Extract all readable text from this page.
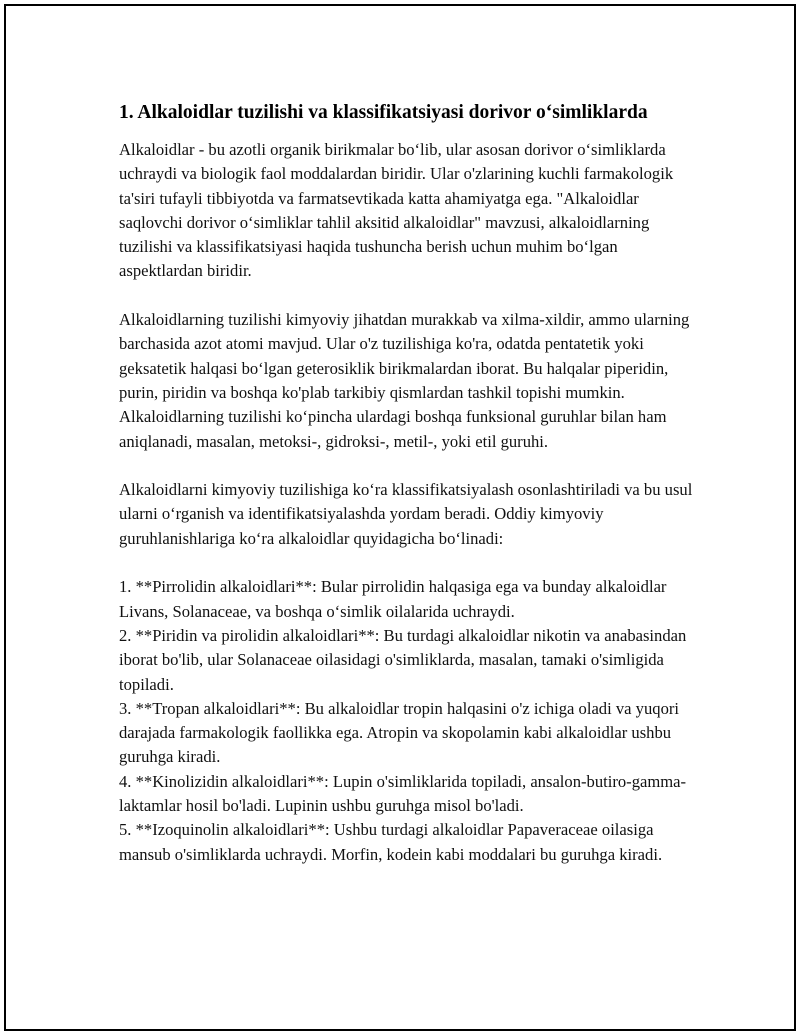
1. Alkaloidlar tuzilishi va klassifikatsiyasi dorivor o‘simliklarda

Alkaloidlar - bu azotli organik birikmalar bo‘lib, ular asosan dorivor o‘simliklarda uchraydi va biologik faol moddalardan biridir. Ular o'zlarining kuchli farmakologik ta'siri tufayli tibbiyotda va farmatsevtikada katta ahamiyatga ega. "Alkaloidlar saqlovchi dorivor o‘simliklar tahlil aksitid alkaloidlar" mavzusi, alkaloidlarning tuzilishi va klassifikatsiyasi haqida tushuncha berish uchun muhim bo‘lgan aspektlardan biridir.

Alkaloidlarning tuzilishi kimyoviy jihatdan murakkab va xilma-xildir, ammo ularning barchasida azot atomi mavjud. Ular o'z tuzilishiga ko'ra, odatda pentatetik yoki geksatetik halqasi bo‘lgan geterosiklik birikmalardan iborat. Bu halqalar piperidin, purin, piridin va boshqa ko'plab tarkibiy qismlardan tashkil topishi mumkin. Alkaloidlarning tuzilishi ko‘pincha ulardagi boshqa funksional guruhlar bilan ham aniqlanadi, masalan, metoksi-, gidroksi-, metil-, yoki etil guruhi.

Alkaloidlarni kimyoviy tuzilishiga ko‘ra klassifikatsiyalash osonlashtiriladi va bu usul ularni o‘rganish va identifikatsiyalashda yordam beradi. Oddiy kimyoviy guruhlanishlariga ko‘ra alkaloidlar quyidagicha bo‘linadi:

1. **Pirrolidin alkaloidlari**: Bular pirrolidin halqasiga ega va bunday alkaloidlar Livans, Solanaceae, va boshqa o‘simlik oilalarida uchraydi.
2. **Piridin va pirolidin alkaloidlari**: Bu turdagi alkaloidlar nikotin va anabasindan iborat bo'lib, ular Solanaceae oilasidagi o'simliklarda, masalan, tamaki o'simligida topiladi.
3. **Tropan alkaloidlari**: Bu alkaloidlar tropin halqasini o'z ichiga oladi va yuqori darajada farmakologik faollikka ega. Atropin va skopolamin kabi alkaloidlar ushbu guruhga kiradi.
4. **Kinolizidin alkaloidlari**: Lupin o'simliklarida topiladi, ansalon-butiro-gamma-laktamlar hosil bo'ladi. Lupinin ushbu guruhga misol bo'ladi.
5. **Izoquinolin alkaloidlari**: Ushbu turdagi alkaloidlar Papaveraceae oilasiga mansub o'simliklarda uchraydi. Morfin, kodein kabi moddalari bu guruhga kiradi.
